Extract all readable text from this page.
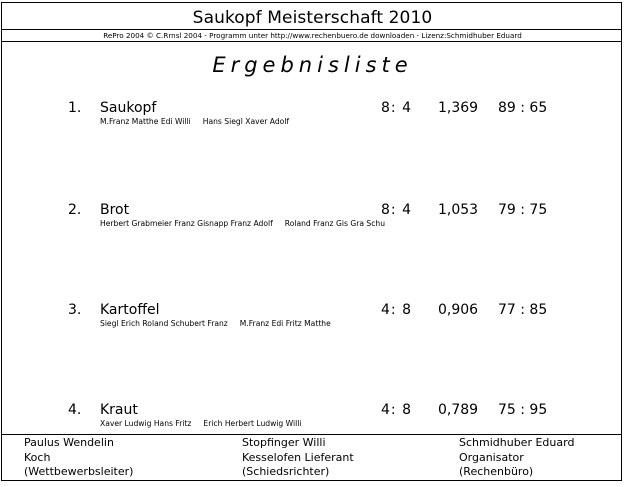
Saukopf Meisterschaft 2010
RePro 2004 © C.Rrnsl 2004 - Programm unter http://www.rechenbuero.de downloaden - Lizenz:Schmidhuber Eduard
Ergebnisliste
1. Saukopf
M.Franz Matthe Edi Willi Hans Siegl Xaver Adolf
8: 4 1,369 89 : 65
2. Brot
Herbert Grabmeier Franz Gisnapp Franz Adolf Roland Franz Gis Gra Schu
8: 4 1,053 79 : 75
3. Kartoffel
Siegl Erich Roland Schubert Franz M.Franz Edi Fritz Matthe
4: 8 0,906 77 : 85
4. Kraut
Xaver Ludwig Hans Fritz Erich Herbert Ludwig Willi
4: 8 0,789 75 : 95
Paulus Wendelin
Koch
(Wettbewerbsleiter)
Stopfinger Willi
Kesselofen Lieferant
(Schiedsrichter)
Schmidhuber Eduard
Organisator
(Rechenbüro)
